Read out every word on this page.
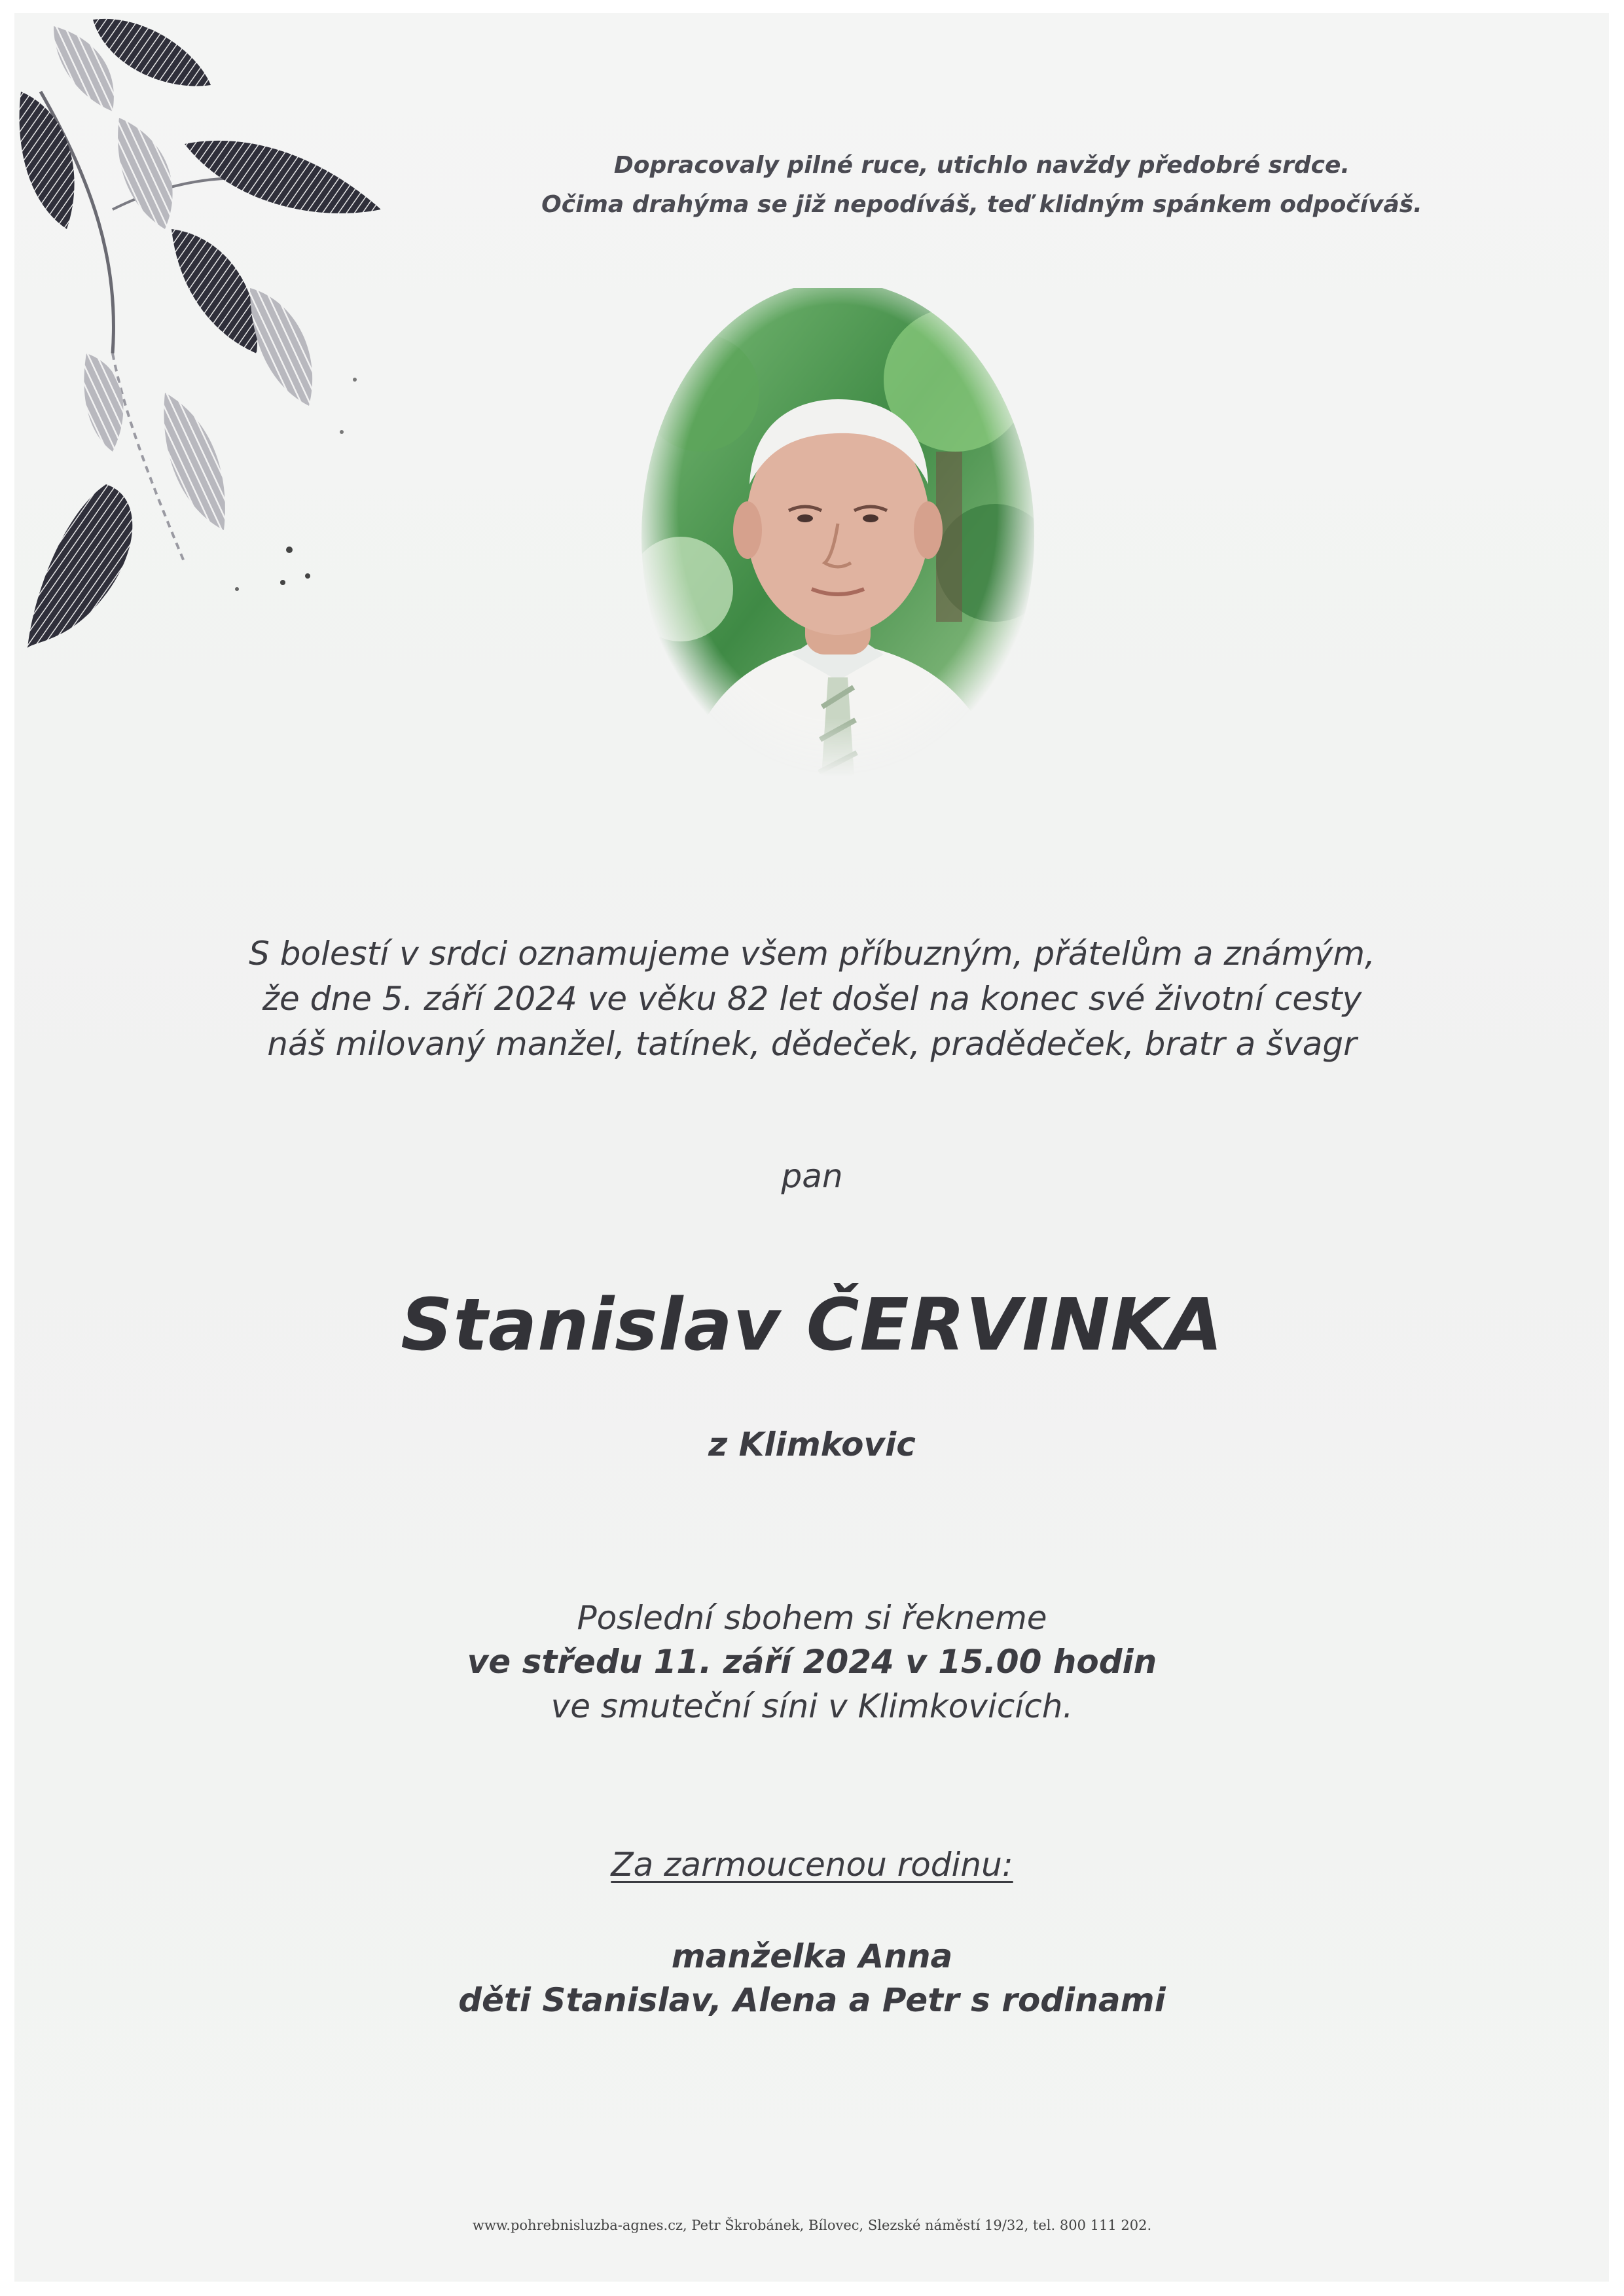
Dopracovaly pilné ruce, utichlo navždy předobré srdce.
Očima drahýma se již nepodíváš, teď klidným spánkem odpočíváš.
S bolestí v srdci oznamujeme všem příbuzným, přátelům a známým,
že dne 5. září 2024 ve věku 82 let došel na konec své životní cesty
náš milovaný manžel, tatínek, dědeček, pradědeček, bratr a švagr
pan
Stanislav ČERVINKA
z Klimkovic
Poslední sbohem si řekneme
ve středu 11. září 2024 v 15.00 hodin
ve smuteční síni v Klimkovicích.
Za zarmoucenou rodinu:
manželka Anna
děti Stanislav, Alena a Petr s rodinami
www.pohrebnisluzba-agnes.cz, Petr Škrobánek, Bílovec, Slezské náměstí 19/32, tel. 800 111 202.
